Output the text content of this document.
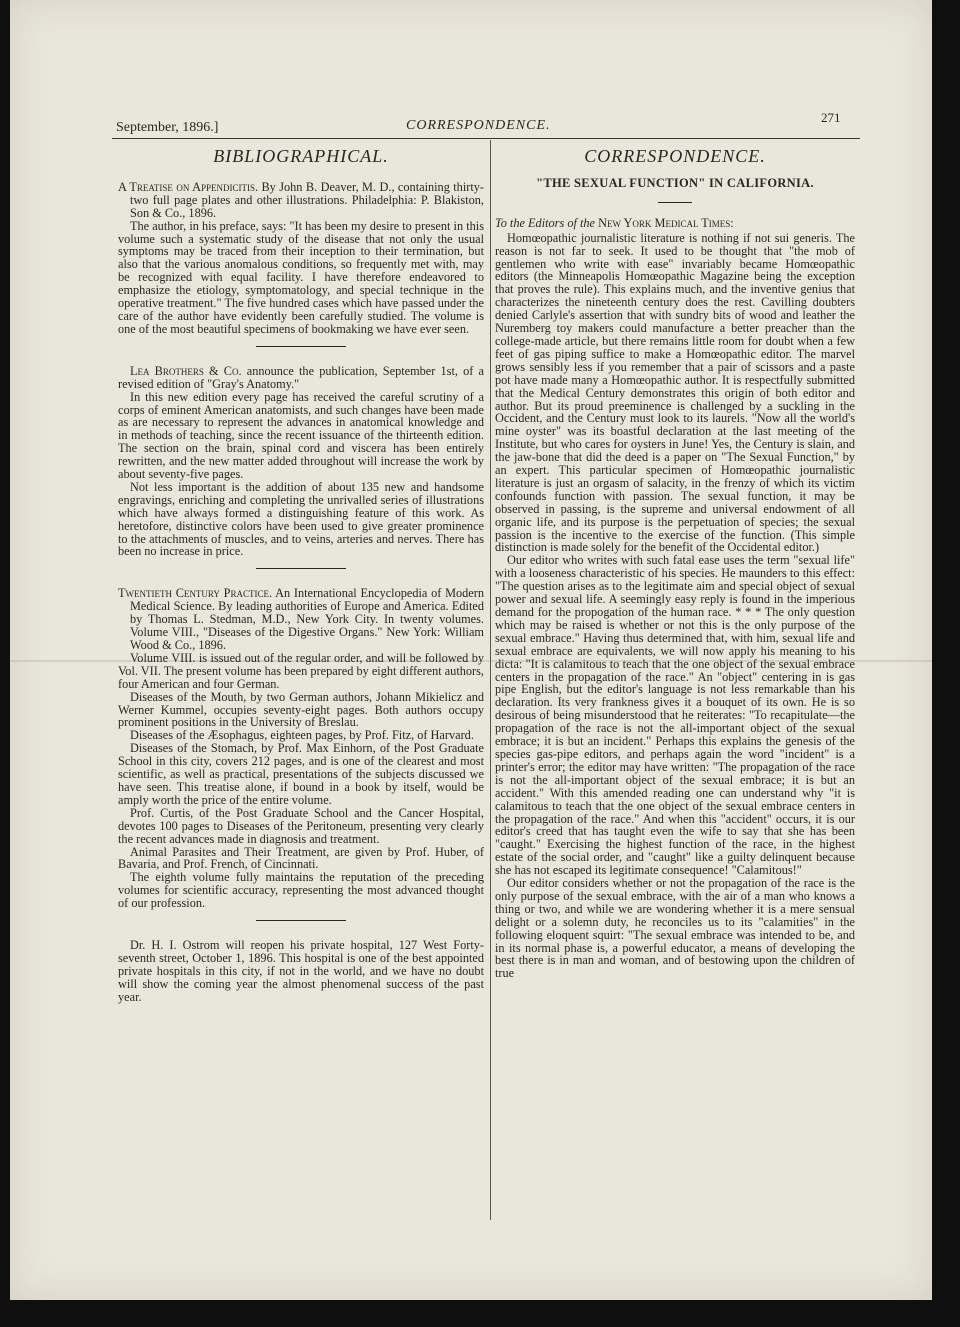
September, 1896.]	CORRESPONDENCE.
271
BIBLIOGRAPHICAL.

A Treatise on Appendicitis. By John B. Deaver, M. D., containing thirty-two full page plates and other illustrations. Philadelphia: P. Blakiston, Son & Co., 1896.

The author, in his preface, says: "It has been my desire to present in this volume such a systematic study of the disease that not only the usual symptoms may be traced from their inception to their termination, but also that the various anomalous conditions, so frequently met with, may be recognized with equal facility. I have therefore endeavored to emphasize the etiology, symptomatology, and special technique in the operative treatment." The five hundred cases which have passed under the care of the author have evidently been carefully studied. The volume is one of the most beautiful specimens of bookmaking we have ever seen.

Lea Brothers & Co. announce the publication, September 1st, of a revised edition of "Gray's Anatomy."

In this new edition every page has received the careful scrutiny of a corps of eminent American anatomists, and such changes have been made as are necessary to represent the advances in anatomical knowledge and in methods of teaching, since the recent issuance of the thirteenth edition. The section on the brain, spinal cord and viscera has been entirely rewritten, and the new matter added throughout will increase the work by about seventy-five pages.

Not less important is the addition of about 135 new and handsome engravings, enriching and completing the unrivalled series of illustrations which have always formed a distinguishing feature of this work. As heretofore, distinctive colors have been used to give greater prominence to the attachments of muscles, and to veins, arteries and nerves. There has been no increase in price.

Twentieth Century Practice. An International Encyclopedia of Modern Medical Science. By leading authorities of Europe and America. Edited by Thomas L. Stedman, M.D., New York City. In twenty volumes. Volume VIII., "Diseases of the Digestive Organs." New York: William Wood & Co., 1896.

Volume VIII. is issued out of the regular order, and will be followed by Vol. VII. The present volume has been prepared by eight different authors, four American and four German.

Diseases of the Mouth, by two German authors, Johann Mikielicz and Werner Kummel, occupies seventy-eight pages. Both authors occupy prominent positions in the University of Breslau.

Diseases of the Æsophagus, eighteen pages, by Prof. Fitz, of Harvard.

Diseases of the Stomach, by Prof. Max Einhorn, of the Post Graduate School in this city, covers 212 pages, and is one of the clearest and most scientific, as well as practical, presentations of the subjects discussed we have seen. This treatise alone, if bound in a book by itself, would be amply worth the price of the entire volume.

Prof. Curtis, of the Post Graduate School and the Cancer Hospital, devotes 100 pages to Diseases of the Peritoneum, presenting very clearly the recent advances made in diagnosis and treatment.

Animal Parasites and Their Treatment, are given by Prof. Huber, of Bavaria, and Prof. French, of Cincinnati.

The eighth volume fully maintains the reputation of the preceding volumes for scientific accuracy, representing the most advanced thought of our profession.

Dr. H. I. Ostrom will reopen his private hospital, 127 West Forty-seventh street, October 1, 1896. This hospital is one of the best appointed private hospitals in this city, if not in the world, and we have no doubt will show the coming year the almost phenomenal success of the past year.

CORRESPONDENCE.
"THE SEXUAL FUNCTION" IN CALIFORNIA.

To the Editors of the New York Medical Times:

Homœopathic journalistic literature is nothing if not sui generis. The reason is not far to seek. It used to be thought that "the mob of gentlemen who write with ease" invariably became Homœopathic editors (the Minneapolis Homœopathic Magazine being the exception that proves the rule). This explains much, and the inventive genius that characterizes the nineteenth century does the rest. Cavilling doubters denied Carlyle's assertion that with sundry bits of wood and leather the Nuremberg toy makers could manufacture a better preacher than the college-made article, but there remains little room for doubt when a few feet of gas piping suffice to make a Homœopathic editor. The marvel grows sensibly less if you remember that a pair of scissors and a paste pot have made many a Homœopathic author. It is respectfully submitted that the Medical Century demonstrates this origin of both editor and author. But its proud preeminence is challenged by a suckling in the Occident, and the Century must look to its laurels. "Now all the world's mine oyster" was its boastful declaration at the last meeting of the Institute, but who cares for oysters in June! Yes, the Century is slain, and the jaw-bone that did the deed is a paper on "The Sexual Function," by an expert. This particular specimen of Homœopathic journalistic literature is just an orgasm of salacity, in the frenzy of which its victim confounds function with passion. The sexual function, it may be observed in passing, is the supreme and universal endowment of all organic life, and its purpose is the perpetuation of species; the sexual passion is the incentive to the exercise of the function. (This simple distinction is made solely for the benefit of the Occidental editor.)

Our editor who writes with such fatal ease uses the term "sexual life" with a looseness characteristic of his species. He maunders to this effect: "The question arises as to the legitimate aim and special object of sexual power and sexual life. A seemingly easy reply is found in the imperious demand for the propogation of the human race. * * * The only question which may be raised is whether or not this is the only purpose of the sexual embrace." Having thus determined that, with him, sexual life and sexual embrace are equivalents, we will now apply his meaning to his dicta: "It is calamitous to teach that the one object of the sexual embrace centers in the propagation of the race." An "object" centering in is gas pipe English, but the editor's language is not less remarkable than his declaration. Its very frankness gives it a bouquet of its own. He is so desirous of being misunderstood that he reiterates: "To recapitulate—the propagation of the race is not the all-important object of the sexual embrace; it is but an incident." Perhaps this explains the genesis of the species gas-pipe editors, and perhaps again the word "incident" is a printer's error; the editor may have written: "The propagation of the race is not the all-important object of the sexual embrace; it is but an accident." With this amended reading one can understand why "it is calamitous to teach that the one object of the sexual embrace centers in the propagation of the race." And when this "accident" occurs, it is our editor's creed that has taught even the wife to say that she has been "caught." Exercising the highest function of the race, in the highest estate of the social order, and "caught" like a guilty delinquent because she has not escaped its legitimate consequence! "Calamitous!"

Our editor considers whether or not the propagation of the race is the only purpose of the sexual embrace, with the air of a man who knows a thing or two, and while we are wondering whether it is a mere sensual delight or a solemn duty, he reconciles us to its "calamities" in the following eloquent squirt: "The sexual embrace was intended to be, and in its normal phase is, a powerful educator, a means of developing the best there is in man and woman, and of bestowing upon the children of true
